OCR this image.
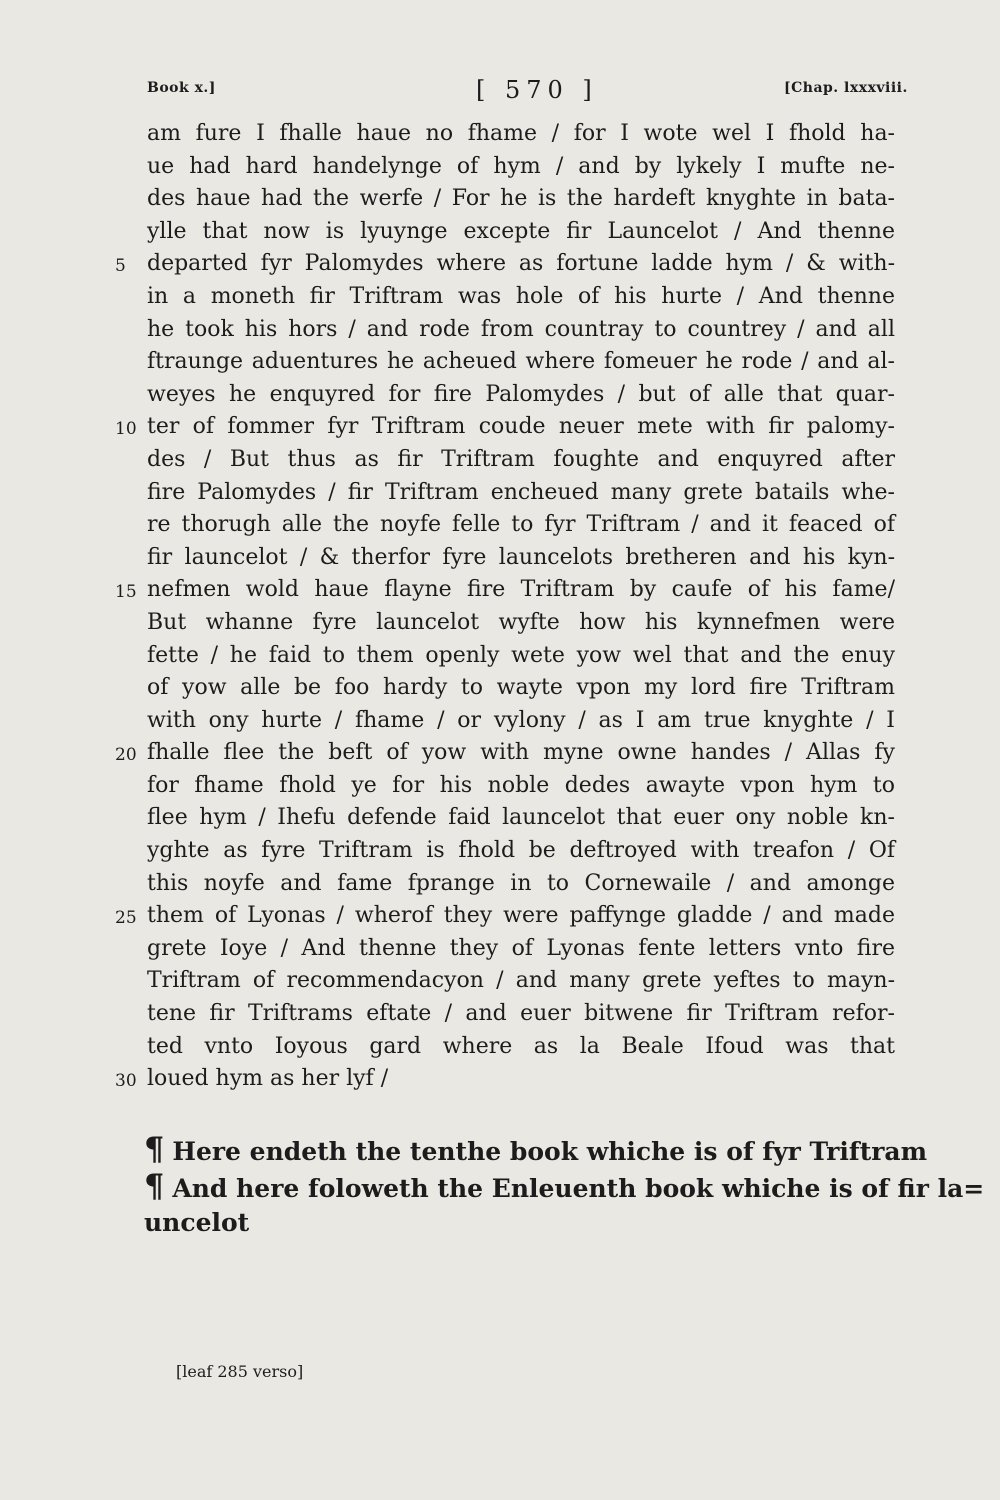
Book x.]	[ 570 ]	[Chap. lxxxviii.
am fure I fhalle haue no fhame / for I wote wel I fhold ha-
ue had hard handelynge of hym / and by lykely I mufte ne-
des haue had the werfe / For he is the hardeft knyghte in bata-
ylle that now is lyuynge excepte fir Launcelot / And thenne
departed fyr Palomydes where as fortune ladde hym / & with-
in a moneth fir Triftram was hole of his hurte / And thenne
he took his hors / and rode from countray to countrey / and all
ftraunge aduentures he acheued where fomeuer he rode / and al-
weyes he enquyred for fire Palomydes / but of alle that quar-
ter of fommer fyr Triftram coude neuer mete with fir palomy-
des / But thus as fir Triftram foughte and enquyred after
fire Palomydes / fir Triftram encheued many grete batails whe-
re thorugh alle the noyfe felle to fyr Triftram / and it feaced of
fir launcelot / & therfor fyre launcelots bretheren and his kyn-
nefmen wold haue flayne fire Triftram by caufe of his fame/
But whanne fyre launcelot wyfte how his kynnefmen were
fette / he faid to them openly wete yow wel that and the enuy
of yow alle be foo hardy to wayte vpon my lord fire Triftram
with ony hurte / fhame / or vylony / as I am true knyghte / I
fhalle flee the beft of yow with myne owne handes / Allas fy
for fhame fhold ye for his noble dedes awayte vpon hym to
flee hym / Ihefu defende faid launcelot that euer ony noble kn-
yghte as fyre Triftram is fhold be deftroyed with treafon / Of
this noyfe and fame fprange in to Cornewaile / and amonge
them of Lyonas / wherof they were paffynge gladde / and made
grete Ioye / And thenne they of Lyonas fente letters vnto fire
Triftram of recommendacyon / and many grete yeftes to mayn-
tene fir Triftrams eftate / and euer bitwene fir Triftram refor-
ted vnto Ioyous gard where as la Beale Ifoud was that
loued hym as her lyf /
5
10
15
20
25
30
¶ Here endeth the tenthe book whiche is of fyr Triftram
¶ And here foloweth the Enleuenth book whiche is of fir la=
uncelot
[leaf 285 verso]
